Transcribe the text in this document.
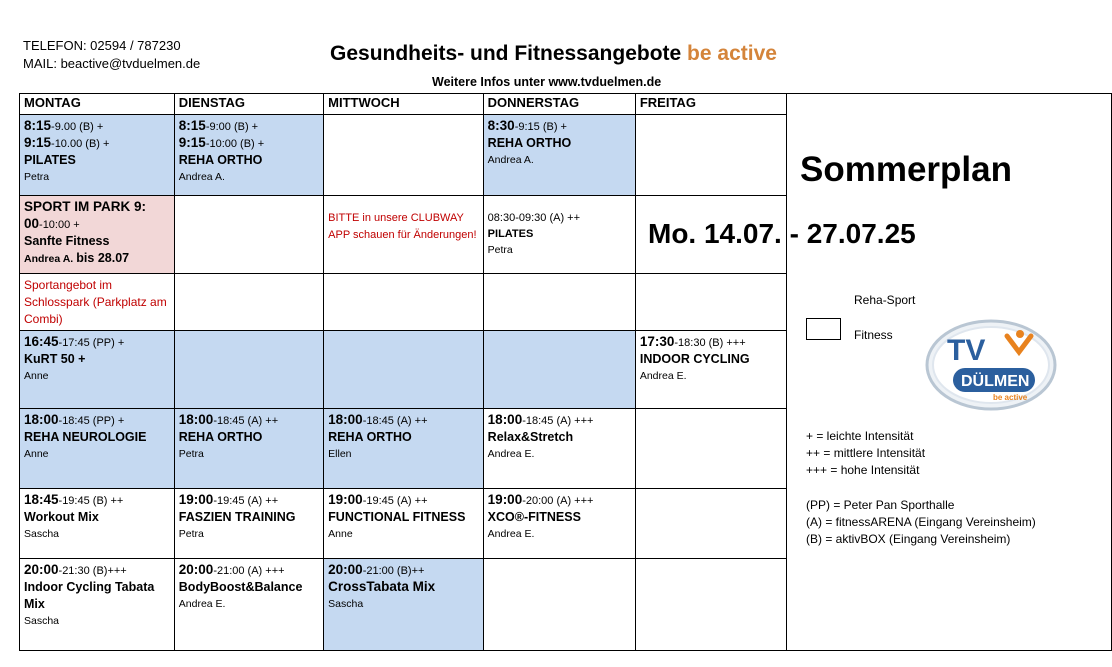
TELEFON: 02594 / 787230
MAIL: beactive@tvduelmen.de	Gesundheits- und Fitnessangebote be active
Weitere Infos unter www.tvduelmen.de
MONTAG	DIENSTAG	MITTWOCH	DONNERSTAG	FREITAG	
8:15-9.00 (B) +
9:15-10.00 (B) +
PILATES
Petra	8:15-9:00 (B) +
9:15-10:00 (B) +
REHA ORTHO
Andrea A.		8:30-9:15 (B) +
REHA ORTHO
Andrea A.		
SPORT IM PARK 9:
00-10:00 +
Sanfte Fitness
Andrea A. bis 28.07		BITTE in unsere CLUBWAY APP schauen für Änderungen!	08:30-09:30 (A) ++
PILATES
Petra		
Sportangebot im Schlosspark (Parkplatz am Combi)					
16:45-17:45 (PP) +
KuRT 50 +
Anne				17:30-18:30 (B) +++
INDOOR CYCLING
Andrea E.	
18:00-18:45 (PP) +
REHA NEUROLOGIE
Anne	18:00-18:45 (A) ++
REHA ORTHO
Petra	18:00-18:45 (A) ++
REHA ORTHO
Ellen	18:00-18:45 (A) +++
Relax&Stretch
Andrea E.		
18:45-19:45 (B) ++
Workout Mix
Sascha	19:00-19:45 (A) ++
FASZIEN TRAINING
Petra	19:00-19:45 (A) ++
FUNCTIONAL FITNESS
Anne	19:00-20:00 (A) +++
XCO®-FITNESS
Andrea E.		
20:00-21:30 (B)+++
Indoor Cycling Tabata Mix
Sascha	20:00-21:00 (A) +++
BodyBoost&Balance
Andrea E.	20:00-21:00 (B)++
CrossTabata Mix
Sascha			
Sommerplan
Mo. 14.07. - 27.07.25
Reha-Sport
Fitness TV
DÜLMEN
be active
+ = leichte Intensität
++ = mittlere Intensität
+++ = hohe Intensität
(PP) = Peter Pan Sporthalle
(A) = fitnessARENA (Eingang Vereinsheim)
(B) = aktivBOX (Eingang Vereinsheim)
